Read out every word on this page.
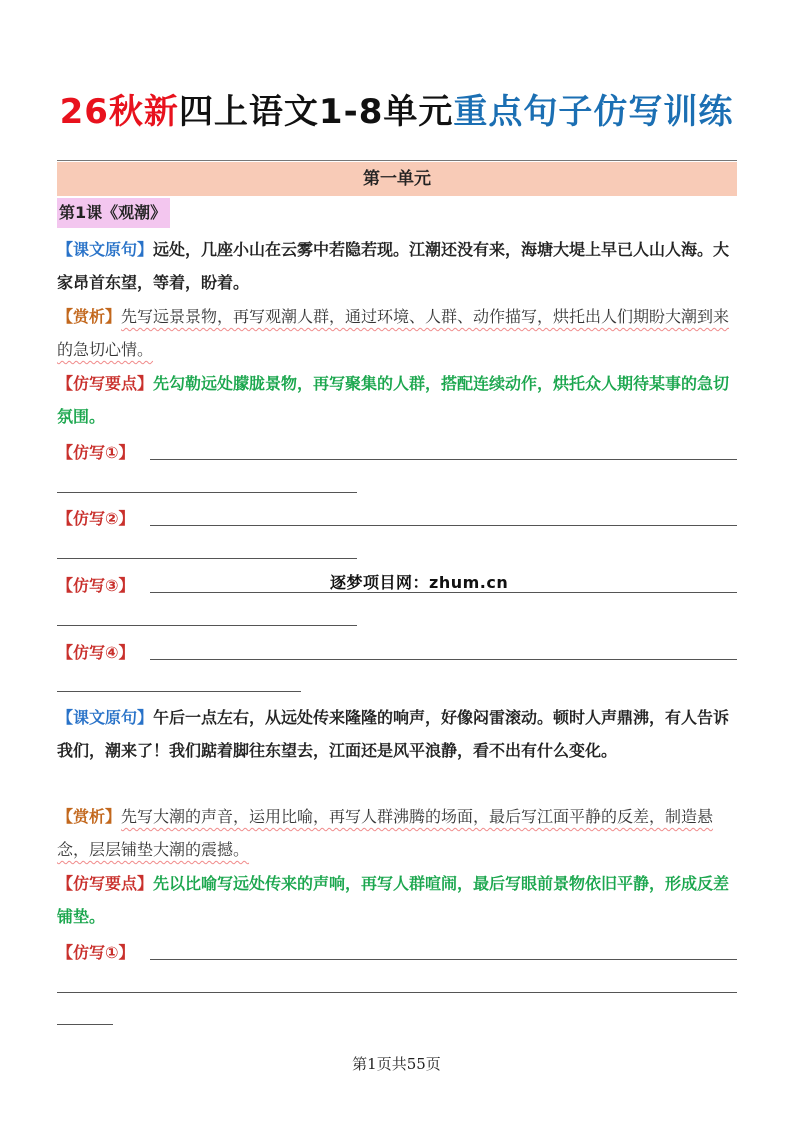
26秋新四上语文1-8单元重点句子仿写训练
第一单元
第1课《观潮》
【课文原句】远处，几座小山在云雾中若隐若现。江潮还没有来，海塘大堤上早已人山人海。大家昂首东望，等着，盼着。
【赏析】先写远景景物，再写观潮人群，通过环境、人群、动作描写，烘托出人们期盼大潮到来的急切心情。
【仿写要点】先勾勒远处朦胧景物，再写聚集的人群，搭配连续动作，烘托众人期待某事的急切氛围。
【仿写①】
【仿写②】
【仿写③】	逐梦项目网：zhum.cn
【仿写④】
【课文原句】午后一点左右，从远处传来隆隆的响声，好像闷雷滚动。顿时人声鼎沸，有人告诉我们，潮来了！我们踮着脚往东望去，江面还是风平浪静，看不出有什么变化。
【赏析】先写大潮的声音，运用比喻，再写人群沸腾的场面，最后写江面平静的反差，制造悬念，层层铺垫大潮的震撼。
【仿写要点】先以比喻写远处传来的声响，再写人群喧闹，最后写眼前景物依旧平静，形成反差铺垫。
【仿写①】
第1页共55页
